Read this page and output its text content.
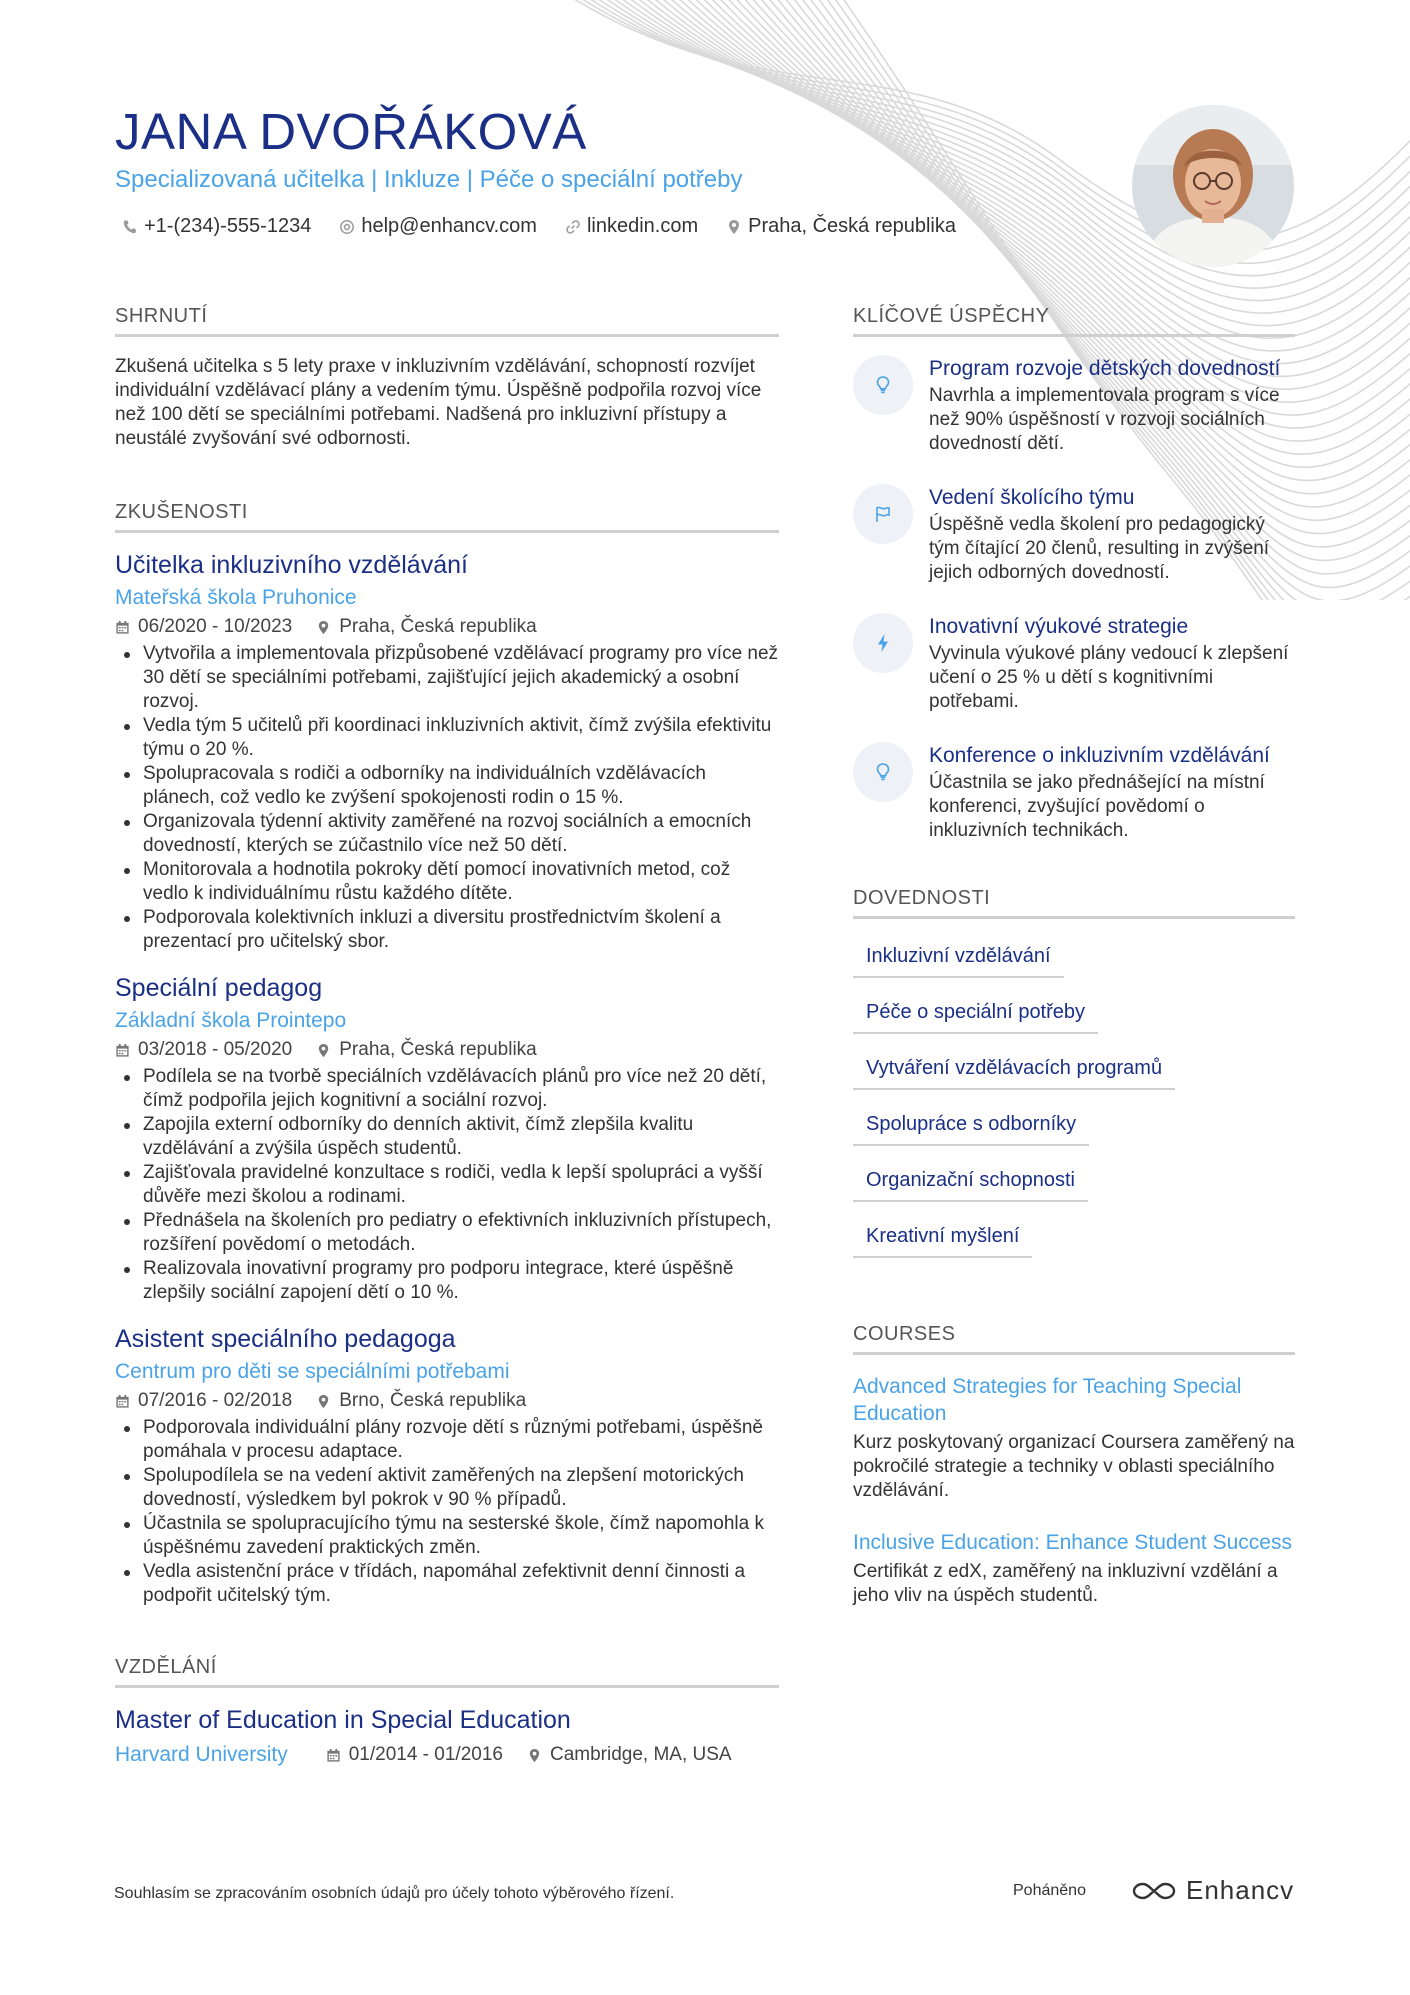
JANA DVOŘÁKOVÁ
Specializovaná učitelka | Inkluze | Péče o speciální potřeby
+1-(234)-555-1234	help@enhancv.com	linkedin.com	Praha, Česká republika
SHRNUTÍ

Zkušená učitelka s 5 lety praxe v inkluzivním vzdělávání, schopností rozvíjet individuální vzdělávací plány a vedením týmu. Úspěšně podpořila rozvoj více než 100 dětí se speciálními potřebami. Nadšená pro inkluzivní přístupy a neustálé zvyšování své odbornosti.

ZKUŠENOSTI
Učitelka inkluzivního vzdělávání
Mateřská škola Pruhonice
06/2020 - 10/2023 Praha, Česká republika
Vytvořila a implementovala přizpůsobené vzdělávací programy pro více než 30 dětí se speciálními potřebami, zajišťující jejich akademický a osobní rozvoj.
Vedla tým 5 učitelů při koordinaci inkluzivních aktivit, čímž zvýšila efektivitu týmu o 20 %.
Spolupracovala s rodiči a odborníky na individuálních vzdělávacích plánech, což vedlo ke zvýšení spokojenosti rodin o 15 %.
Organizovala týdenní aktivity zaměřené na rozvoj sociálních a emocních dovedností, kterých se zúčastnilo více než 50 dětí.
Monitorovala a hodnotila pokroky dětí pomocí inovativních metod, což vedlo k individuálnímu růstu každého dítěte.
Podporovala kolektivních inkluzi a diversitu prostřednictvím školení a prezentací pro učitelský sbor.
Speciální pedagog
Základní škola Prointepo
03/2018 - 05/2020 Praha, Česká republika
Podílela se na tvorbě speciálních vzdělávacích plánů pro více než 20 dětí, čímž podpořila jejich kognitivní a sociální rozvoj.
Zapojila externí odborníky do denních aktivit, čímž zlepšila kvalitu vzdělávání a zvýšila úspěch studentů.
Zajišťovala pravidelné konzultace s rodiči, vedla k lepší spolupráci a vyšší důvěře mezi školou a rodinami.
Přednášela na školeních pro pediatry o efektivních inkluzivních přístupech, rozšíření povědomí o metodách.
Realizovala inovativní programy pro podporu integrace, které úspěšně zlepšily sociální zapojení dětí o 10 %.
Asistent speciálního pedagoga
Centrum pro děti se speciálními potřebami
07/2016 - 02/2018 Brno, Česká republika
Podporovala individuální plány rozvoje dětí s různými potřebami, úspěšně pomáhala v procesu adaptace.
Spolupodílela se na vedení aktivit zaměřených na zlepšení motorických dovedností, výsledkem byl pokrok v 90 % případů.
Účastnila se spolupracujícího týmu na sesterské škole, čímž napomohla k úspěšnému zavedení praktických změn.
Vedla asistenční práce v třídách, napomáhal zefektivnit denní činnosti a podpořit učitelský tým.
VZDĚLÁNÍ
Master of Education in Special Education
Harvard University	01/2014 - 01/2016 Cambridge, MA, USA
KLÍČOVÉ ÚSPĚCHY
Program rozvoje dětských dovedností
Navrhla a implementovala program s více než 90% úspěšností v rozvoji sociálních dovedností dětí.
Vedení školícího týmu
Úspěšně vedla školení pro pedagogický tým čítající 20 členů, resulting in zvýšení jejich odborných dovedností.
Inovativní výukové strategie
Vyvinula výukové plány vedoucí k zlepšení učení o 25 % u dětí s kognitivními potřebami.
Konference o inkluzivním vzdělávání
Účastnila se jako přednášející na místní konferenci, zvyšující povědomí o inkluzivních technikách.
DOVEDNOSTI
Inkluzivní vzdělávání
Péče o speciální potřeby
Vytváření vzdělávacích programů
Spolupráce s odborníky
Organizační schopnosti
Kreativní myšlení
COURSES
Advanced Strategies for Teaching Special Education
Kurz poskytovaný organizací Coursera zaměřený na pokročilé strategie a techniky v oblasti speciálního vzdělávání.
Inclusive Education: Enhance Student Success
Certifikát z edX, zaměřený na inkluzivní vzdělání a jeho vliv na úspěch studentů.
Souhlasím se zpracováním osobních údajů pro účely tohoto výběrového řízení.	Poháněno	Enhancv
